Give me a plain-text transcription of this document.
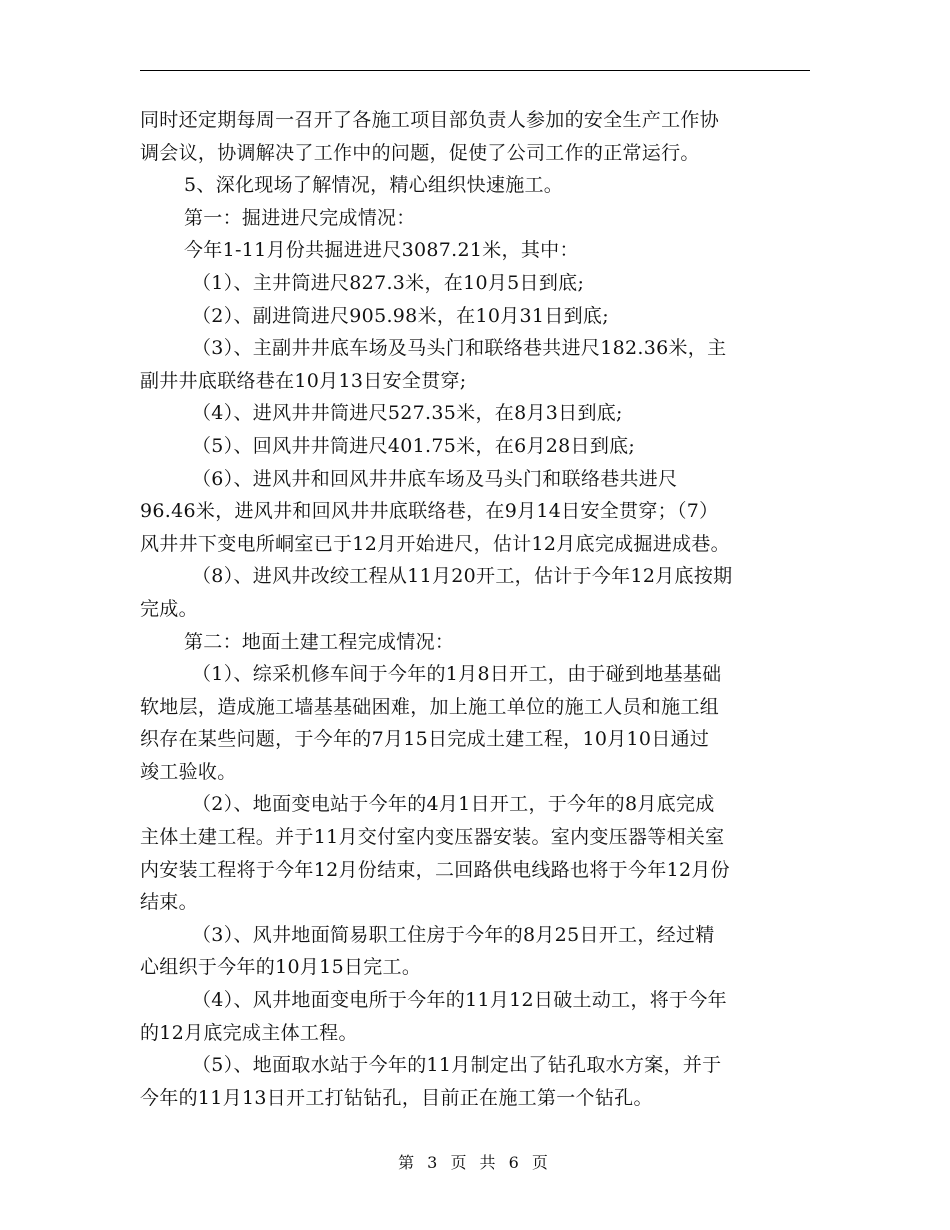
同时还定期每周一召开了各施工项目部负责人参加的安全生产工作协
调会议，协调解决了工作中的问题，促使了公司工作的正常运行。
5、深化现场了解情况，精心组织快速施工。
第一：掘进进尺完成情况：
今年1-11月份共掘进进尺3087.21米，其中：
（1）、主井筒进尺827.3米，在10月5日到底;
（2）、副进筒进尺905.98米，在10月31日到底;
（3）、主副井井底车场及马头门和联络巷共进尺182.36米，主
副井井底联络巷在10月13日安全贯穿;
（4）、进风井井筒进尺527.35米，在8月3日到底;
（5）、回风井井筒进尺401.75米，在6月28日到底;
（6）、进风井和回风井井底车场及马头门和联络巷共进尺
96.46米，进风井和回风井井底联络巷，在9月14日安全贯穿；（7）
风井井下变电所峒室已于12月开始进尺，估计12月底完成掘进成巷。
（8）、进风井改绞工程从11月20开工，估计于今年12月底按期
完成。
第二：地面土建工程完成情况：
（1）、综采机修车间于今年的1月8日开工，由于碰到地基基础
软地层，造成施工墙基基础困难，加上施工单位的施工人员和施工组
织存在某些问题，于今年的7月15日完成土建工程，10月10日通过
竣工验收。
（2）、地面变电站于今年的4月1日开工，于今年的8月底完成
主体土建工程。并于11月交付室内变压器安装。室内变压器等相关室
内安装工程将于今年12月份结束，二回路供电线路也将于今年12月份
结束。
（3）、风井地面简易职工住房于今年的8月25日开工，经过精
心组织于今年的10月15日完工。
（4）、风井地面变电所于今年的11月12日破土动工，将于今年
的12月底完成主体工程。
（5）、地面取水站于今年的11月制定出了钻孔取水方案，并于
今年的11月13日开工打钻钻孔，目前正在施工第一个钻孔。
第 3 页 共 6 页
